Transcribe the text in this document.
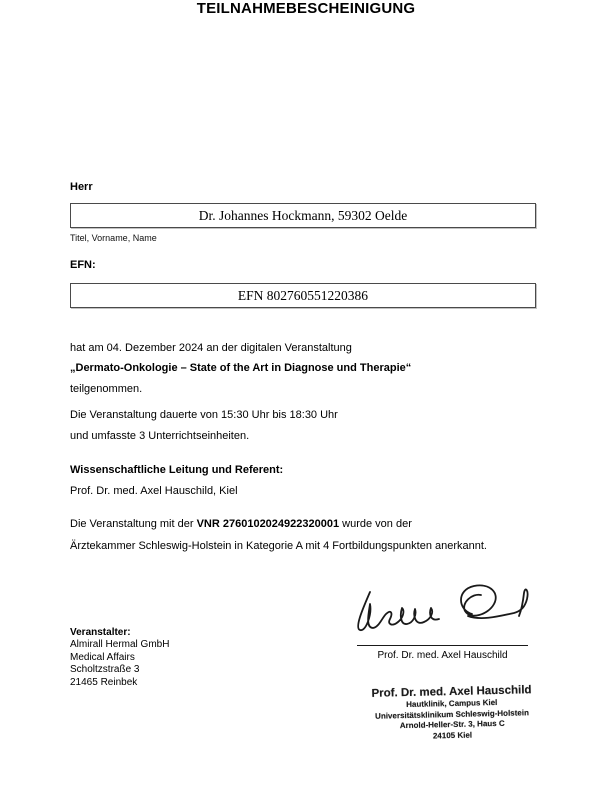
TEILNAHMEBESCHEINIGUNG
Herr
Dr. Johannes Hockmann, 59302 Oelde
Titel, Vorname, Name
EFN:
EFN 802760551220386
hat am 04. Dezember 2024 an der digitalen Veranstaltung
„Dermato-Onkologie – State of the Art in Diagnose und Therapie“
teilgenommen.
Die Veranstaltung dauerte von 15:30 Uhr bis 18:30 Uhr
und umfasste 3 Unterrichtseinheiten.
Wissenschaftliche Leitung und Referent:
Prof. Dr. med. Axel Hauschild, Kiel
Die Veranstaltung mit der VNR 2760102024922320001 wurde von der
Ärztekammer Schleswig-Holstein in Kategorie A mit 4 Fortbildungspunkten anerkannt.
Prof. Dr. med. Axel Hauschild
Veranstalter:
Almirall Hermal GmbH
Medical Affairs
Scholtzstraße 3
21465 Reinbek
Prof. Dr. med. Axel Hauschild
Hautklinik, Campus Kiel
Universitätsklinikum Schleswig-Holstein
Arnold-Heller-Str. 3, Haus C
24105 Kiel
